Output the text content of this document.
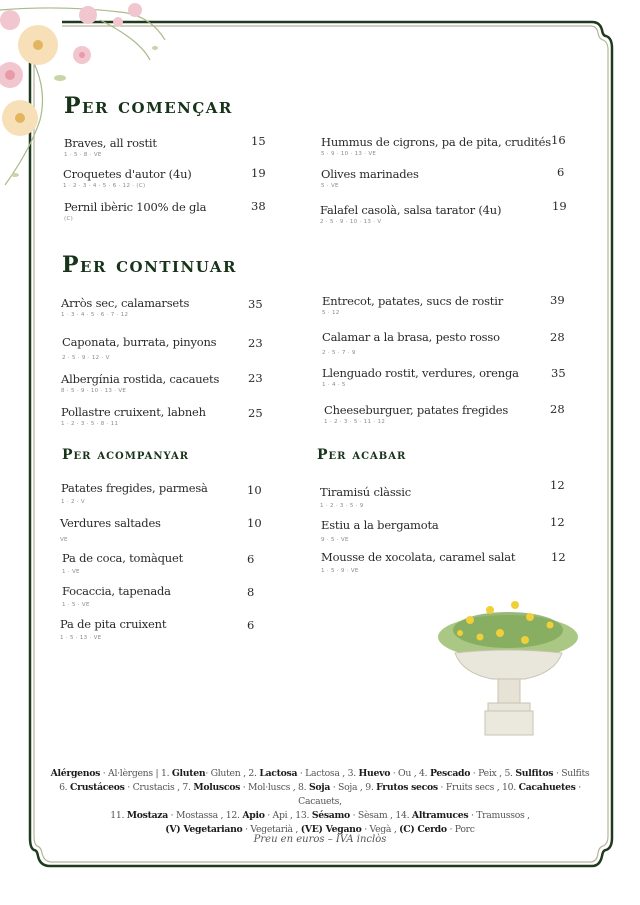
Per començar
Braves, all rostit
1 · 5 · 8 · VE
15
Croquetes d'autor (4u)
1 · 2 · 3 · 4 · 5 · 6 · 12 · (C)
19
Pernil ibèric 100% de gla
(C)
38
Hummus de cigrons, pa de pita, crudités
5 · 9 · 10 · 13 · VE
16
Olives marinades
5 · VE
6
Falafel casolà, salsa tarator (4u)
2 · 5 · 9 · 10 · 13 · V
19
Per continuar
Arròs sec, calamarsets
1 · 3 · 4 · 5 · 6 · 7 · 12
35
Caponata, burrata, pinyons
2 · 5 · 9 · 12 · V
23
Albergínia rostida, cacauets
8 · 5 · 9 · 10 · 13 · VE
23
Pollastre cruixent, labneh
1 · 2 · 3 · 5 · 8 · 11
25
Entrecot, patates, sucs de rostir
5 · 12
39
Calamar a la brasa, pesto rosso
2 · 5 · 7 · 9
28
Llenguado rostit, verdures, orenga
1 · 4 · 5
35
Cheeseburguer, patates fregides
1 · 2 · 3 · 5 · 11 · 12
28
Per acompanyar
Patates fregides, parmesà
1 · 2 · V
10
Verdures saltades
VE
10
Pa de coca, tomàquet
1 · VE
6
Focaccia, tapenada
1 · 5 · VE
8
Pa de pita cruixent
1 · 5 · 13 · VE
6
Per acabar
Tiramisú clàssic
1 · 2 · 3 · 5 · 9
12
Estiu a la bergamota
9 · 5 · VE
12
Mousse de xocolata, caramel salat
1 · 5 · 9 · VE
12
Alérgenos · Al·lèrgens | 1. Gluten· Gluten , 2. Lactosa · Lactosa , 3. Huevo · Ou , 4. Pescado · Peix , 5. Sulfitos · Sulfits
6. Crustáceos · Crustacis , 7. Moluscos · Mol·luscs , 8. Soja · Soja , 9. Frutos secos · Fruits secs , 10. Cacahuetes · Cacauets,
11. Mostaza · Mostassa , 12. Apio · Api , 13. Sésamo · Sèsam , 14. Altramuces · Tramussos ,
(V) Vegetariano · Vegetarià , (VE) Vegano · Vegà , (C) Cerdo · Porc
Preu en euros – IVA inclòs
